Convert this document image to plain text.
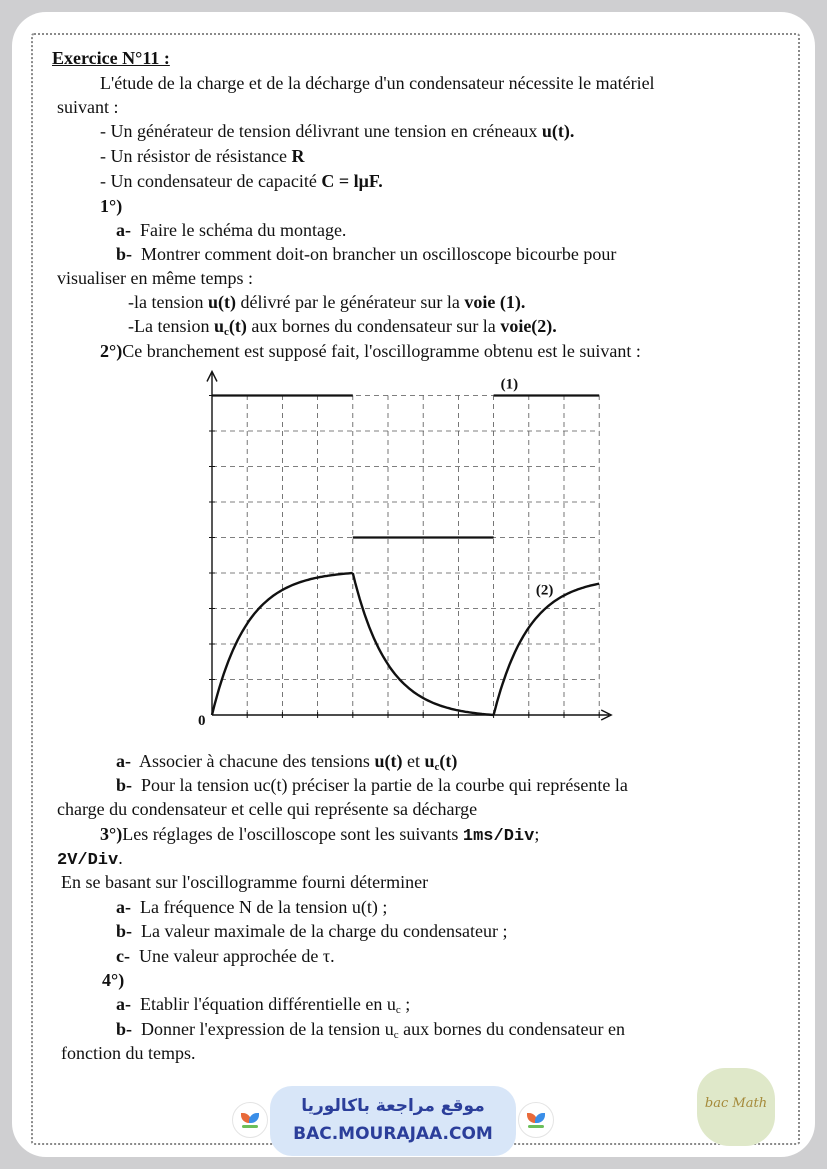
Exercice N°11 :
L'étude de la charge et de la décharge d'un condensateur nécessite le matériel
suivant :
- Un générateur de tension délivrant une tension en créneaux u(t).
- Un résistor de résistance R
- Un condensateur de capacité C = lμF.
1°)
a- Faire le schéma du montage.
b- Montrer comment doit-on brancher un oscilloscope bicourbe pour
visualiser en même temps :
-la tension u(t) délivré par le générateur sur la voie (1).
-La tension $u_c(t)$ aux bornes du condensateur sur la voie(2).
2°)Ce branchement est supposé fait, l'oscillogramme obtenu est le suivant :
0
(1)
(2)
a- Associer à chacune des tensions u(t) et $u_c(t)$
b- Pour la tension uc(t) préciser la partie de la courbe qui représente la
charge du condensateur et celle qui représente sa décharge
3°)Les réglages de l'oscilloscope sont les suivants 1ms/Div;
2V/Div.
En se basant sur l'oscillogramme fourni déterminer
a- La fréquence N de la tension u(t) ;
b- La valeur maximale de la charge du condensateur ;
c- Une valeur approchée de τ.
4°)
a- Etablir l'équation différentielle en $u_c$ ;
b- Donner l'expression de la tension $u_c$ aux bornes du condensateur en
fonction du temps.
موقع مراجعة باكالوريا
BAC.MOURAJAA.COM
bac Math
